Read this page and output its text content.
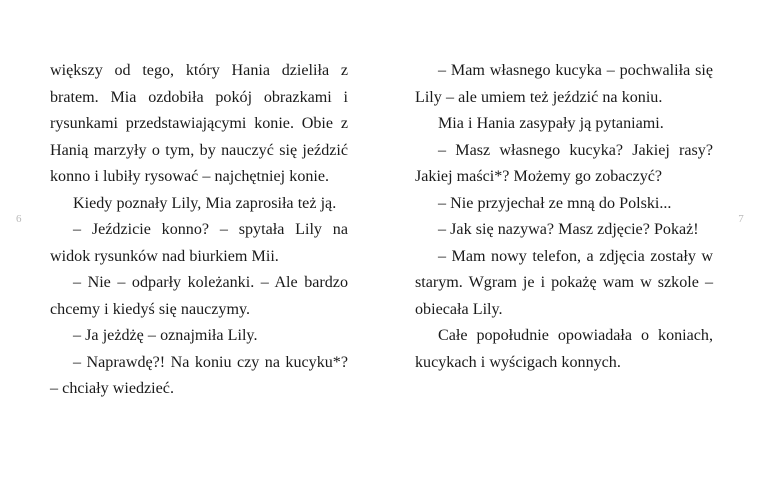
6

większy od tego, który Hania dzieliła z bratem. Mia ozdobiła pokój obrazkami i rysunkami przedstawiającymi konie. Obie z Hanią marzyły o tym, by nauczyć się jeździć konno i lubiły rysować – najchętniej konie.

Kiedy poznały Lily, Mia zaprosiła też ją.

– Jeździcie konno? – spytała Lily na widok rysunków nad biurkiem Mii.

– Nie – odparły koleżanki. – Ale bardzo chcemy i kiedyś się nauczymy.

– Ja jeżdżę – oznajmiła Lily.

– Naprawdę?! Na koniu czy na kucyku*? – chciały wiedzieć.

7

– Mam własnego kucyka – pochwaliła się Lily – ale umiem też jeździć na koniu.

Mia i Hania zasypały ją pytaniami.

– Masz własnego kucyka? Jakiej rasy? Jakiej maści*? Możemy go zobaczyć?

– Nie przyjechał ze mną do Polski...

– Jak się nazywa? Masz zdjęcie? Pokaż!

– Mam nowy telefon, a zdjęcia zostały w starym. Wgram je i pokażę wam w szkole – obiecała Lily.

Całe popołudnie opowiadała o koniach, kucykach i wyścigach konnych.
